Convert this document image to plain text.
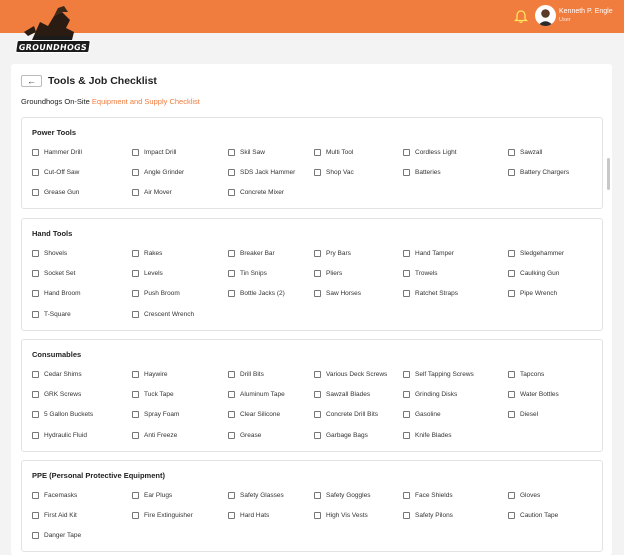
GROUNDHOGS
Kenneth P. Engle
User
←	Tools & Job Checklist
Groundhogs On-Site Equipment and Supply Checklist
Power Tools
Hammer Drill	Impact Drill	Skil Saw	Multi Tool	Cordless Light	Sawzall
Cut-Off Saw	Angle Grinder	SDS Jack Hammer	Shop Vac	Batteries	Battery Chargers
Grease Gun	Air Mover	Concrete Mixer
Hand Tools
Shovels	Rakes	Breaker Bar	Pry Bars	Hand Tamper	Sledgehammer
Socket Set	Levels	Tin Snips	Pliers	Trowels	Caulking Gun
Hand Broom	Push Broom	Bottle Jacks (2)	Saw Horses	Ratchet Straps	Pipe Wrench
T-Square	Crescent Wrench
Consumables
Cedar Shims	Haywire	Drill Bits	Various Deck Screws	Self Tapping Screws	Tapcons
GRK Screws	Tuck Tape	Aluminum Tape	Sawzall Blades	Grinding Disks	Water Bottles
5 Gallon Buckets	Spray Foam	Clear Silicone	Concrete Drill Bits	Gasoline	Diesel
Hydraulic Fluid	Anti Freeze	Grease	Garbage Bags	Knife Blades
PPE (Personal Protective Equipment)
Facemasks	Ear Plugs	Safety Glasses	Safety Goggles	Face Shields	Gloves
First Aid Kit	Fire Extinguisher	Hard Hats	High Vis Vests	Safety Pilons	Caution Tape
Danger Tape
